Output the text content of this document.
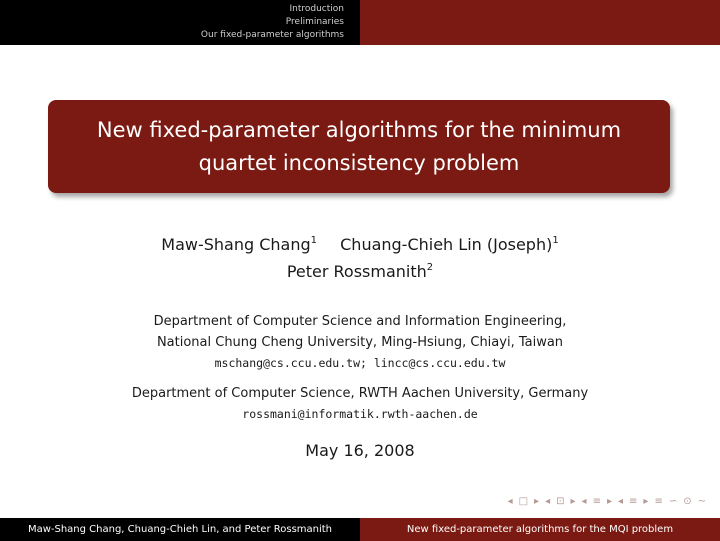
Introduction
Preliminaries
Our fixed-parameter algorithms
New fixed-parameter algorithms for the minimum
quartet inconsistency problem
Maw-Shang Chang$^1$ Chuang-Chieh Lin (Joseph)$^1$
Peter Rossmanith$^2$
Department of Computer Science and Information Engineering,
National Chung Cheng University, Ming-Hsiung, Chiayi, Taiwan
mschang@cs.ccu.edu.tw; lincc@cs.ccu.edu.tw
Department of Computer Science, RWTH Aachen University, Germany
rossmani@informatik.rwth-aachen.de
May 16, 2008
◂ □ ▸ ◂ ⊡ ▸ ◂ ≡ ▸ ◂ ≡ ▸ ≡ ∽ ⊙ ∼
Maw-Shang Chang, Chuang-Chieh Lin, and Peter Rossmanith	New fixed-parameter algorithms for the MQI problem
